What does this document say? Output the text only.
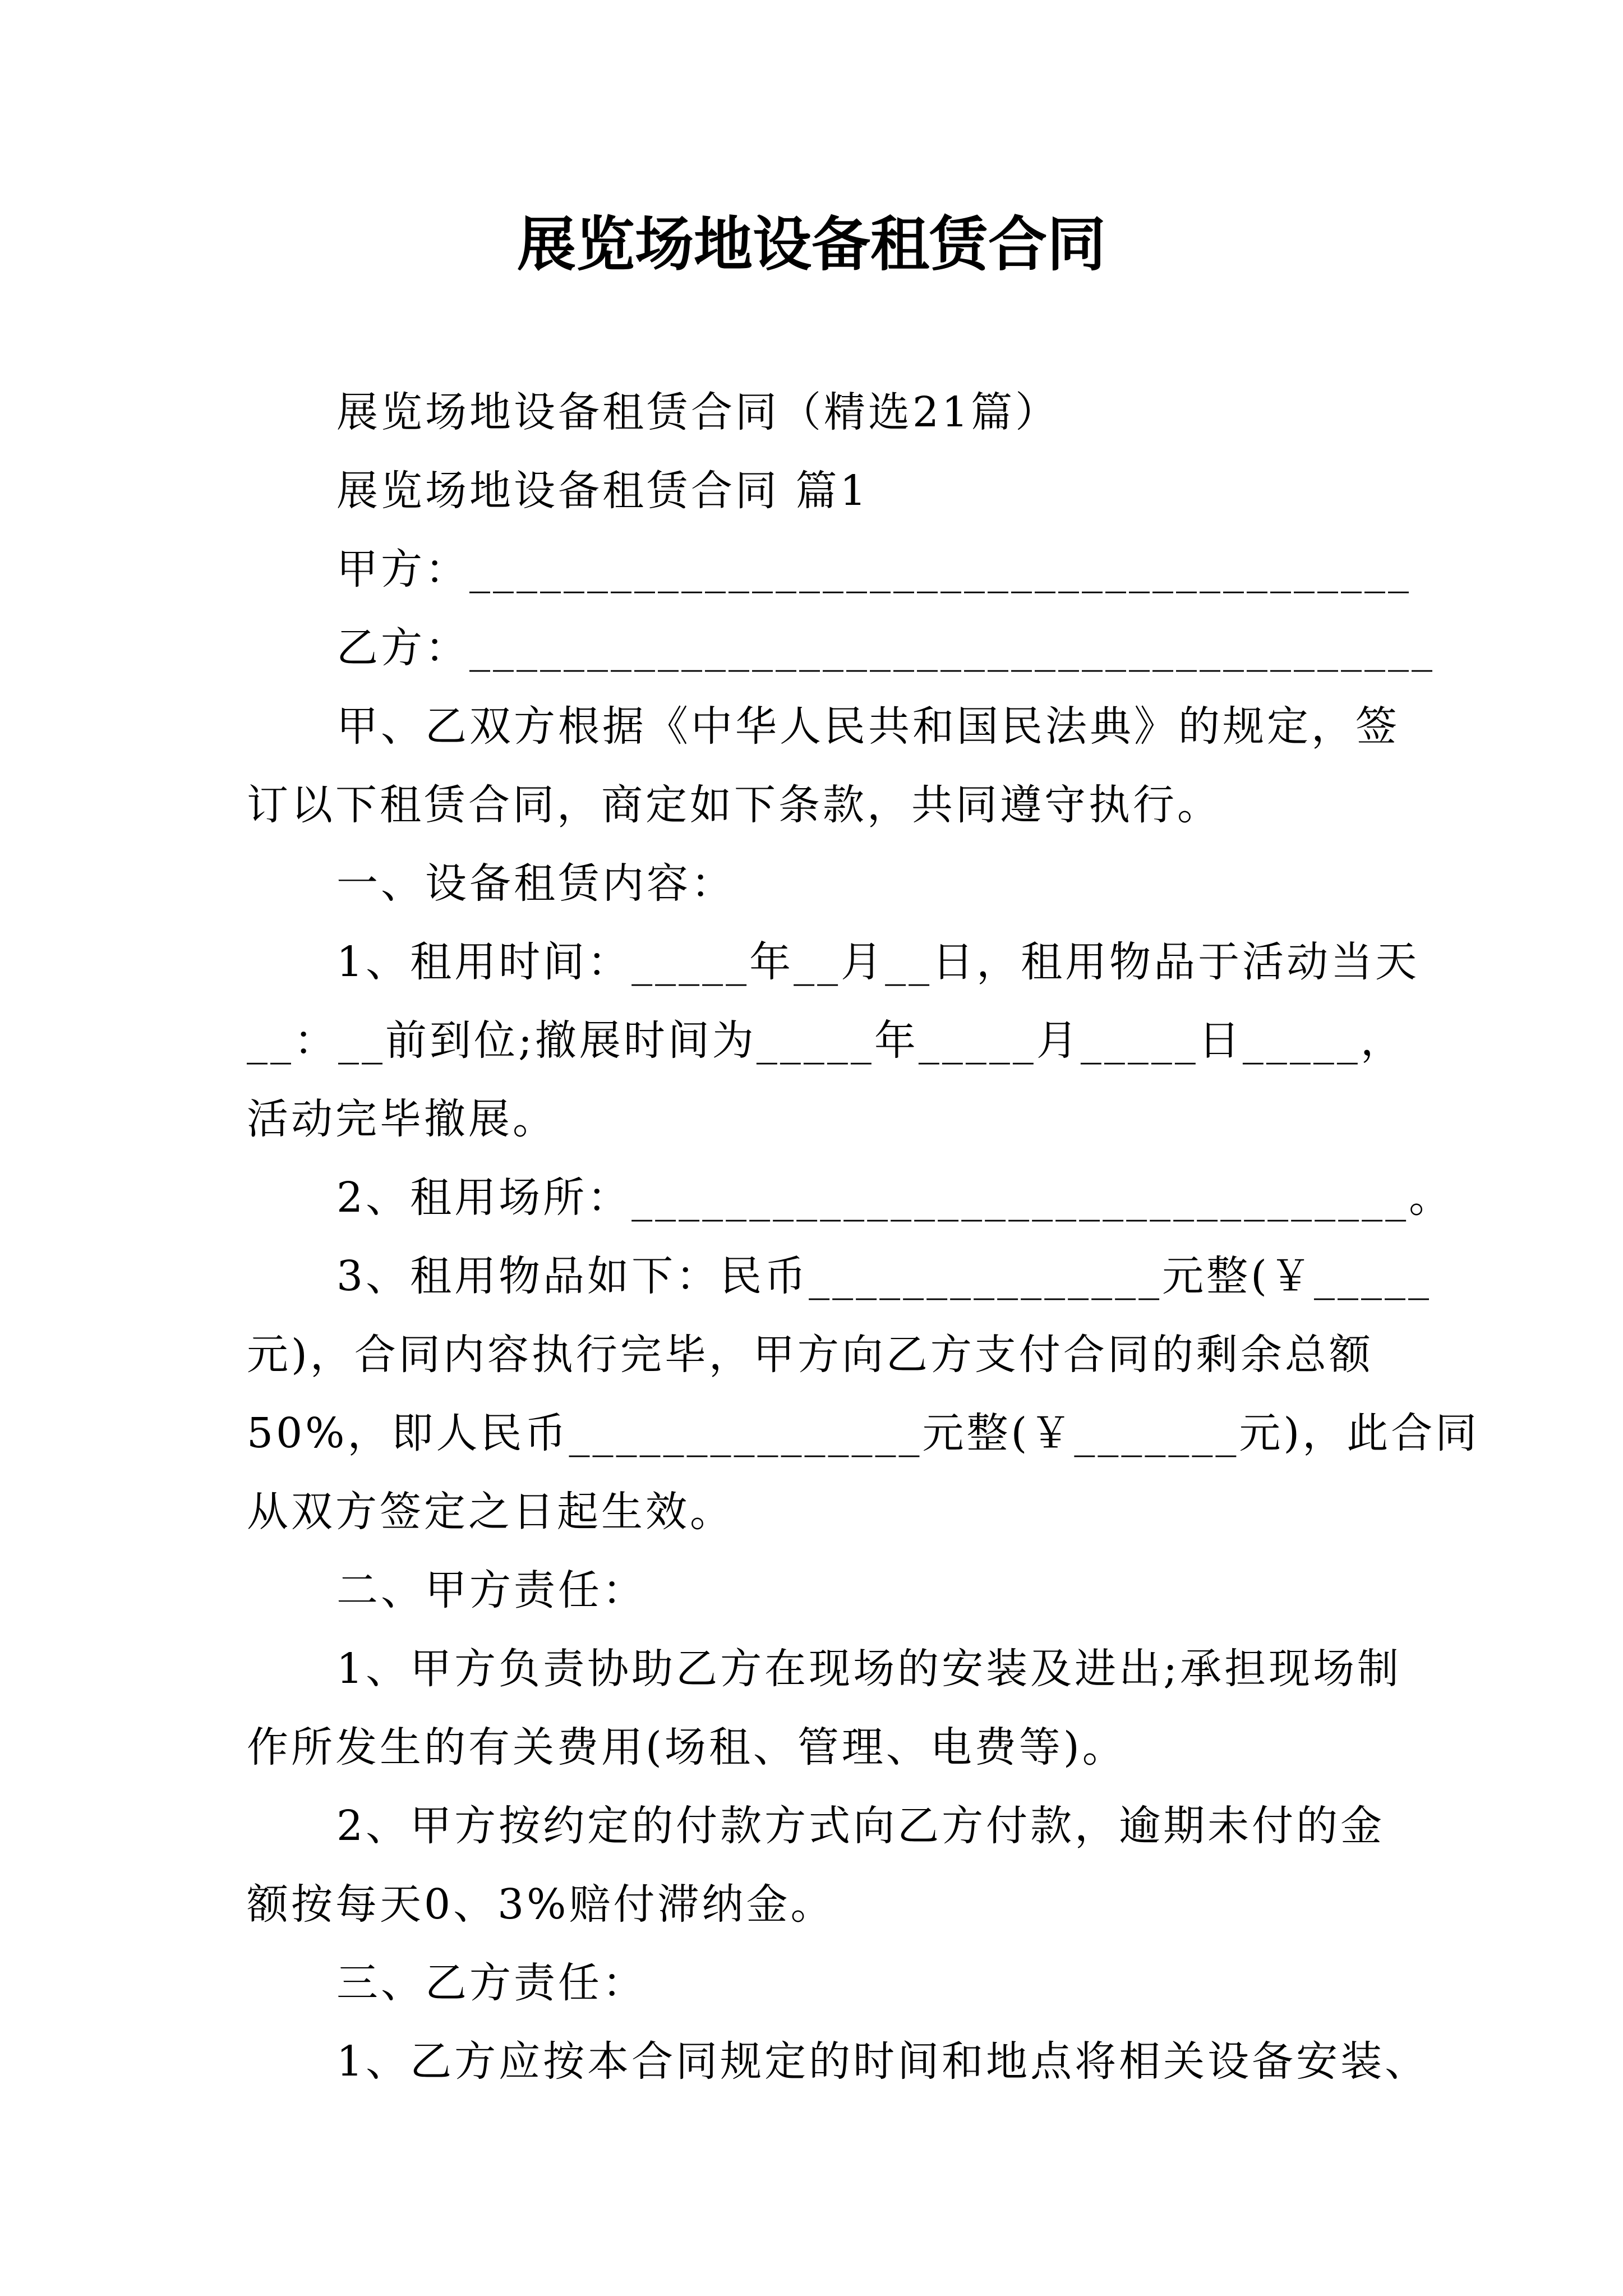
展览场地设备租赁合同
展览场地设备租赁合同（精选21篇）
展览场地设备租赁合同 篇1
甲方：________________________________________
乙方：_________________________________________
甲、乙双方根据《中华人民共和国民法典》的规定，签
订以下租赁合同，商定如下条款，共同遵守执行。
一、设备租赁内容：
1、租用时间：_____年__月__日，租用物品于活动当天
__：__前到位;撤展时间为_____年_____月_____日_____，
活动完毕撤展。
2、租用场所：_________________________________。
3、租用物品如下：民币_______________元整(￥_____
元)，合同内容执行完毕，甲方向乙方支付合同的剩余总额
50%，即人民币_______________元整(￥_______元)，此合同
从双方签定之日起生效。
二、甲方责任：
1、甲方负责协助乙方在现场的安装及进出;承担现场制
作所发生的有关费用(场租、管理、电费等)。
2、甲方按约定的付款方式向乙方付款，逾期未付的金
额按每天0、3%赔付滞纳金。
三、乙方责任：
1、乙方应按本合同规定的时间和地点将相关设备安装、
